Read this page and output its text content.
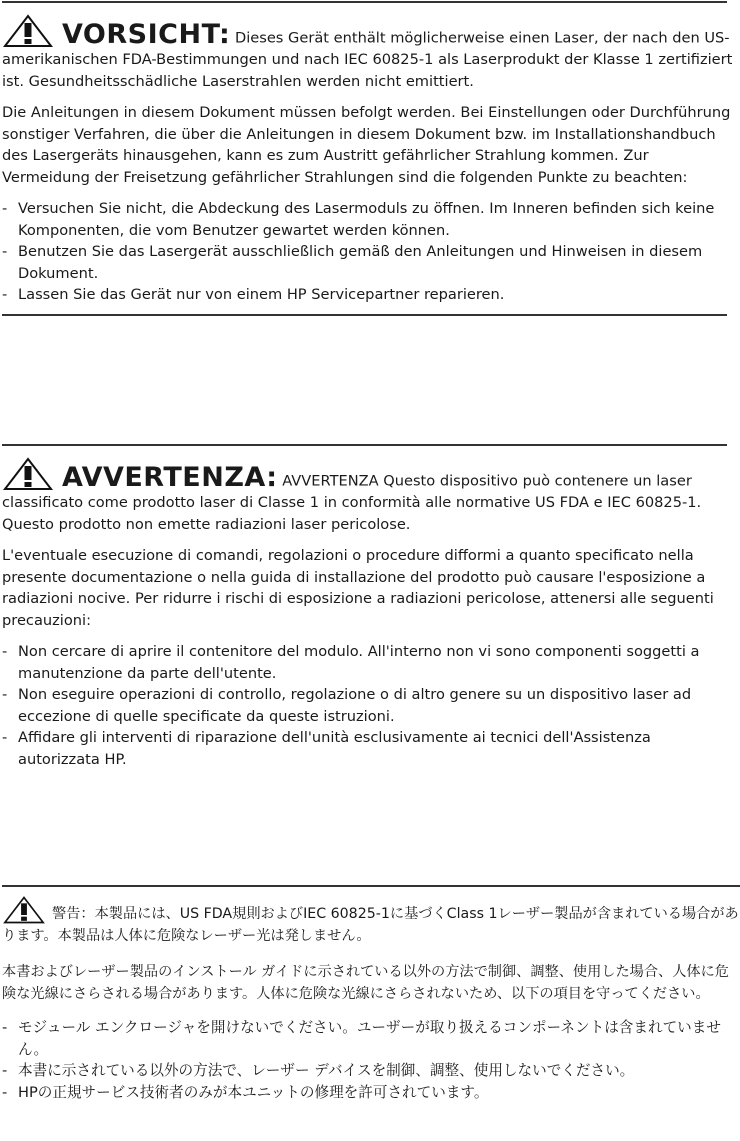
VORSICHT: Dieses Gerät enthält möglicherweise einen Laser, der nach den US-amerikanischen FDA-Bestimmungen und nach IEC 60825-1 als Laserprodukt der Klasse 1 zertifiziert ist. Gesundheitsschädliche Laserstrahlen werden nicht emittiert.

Die Anleitungen in diesem Dokument müssen befolgt werden. Bei Einstellungen oder Durchführung sonstiger Verfahren, die über die Anleitungen in diesem Dokument bzw. im Installationshandbuch des Lasergeräts hinausgehen, kann es zum Austritt gefährlicher Strahlung kommen. Zur Vermeidung der Freisetzung gefährlicher Strahlungen sind die folgenden Punkte zu beachten:

- Versuchen Sie nicht, die Abdeckung des Lasermoduls zu öffnen. Im Inneren befinden sich keine Komponenten, die vom Benutzer gewartet werden können.
- Benutzen Sie das Lasergerät ausschließlich gemäß den Anleitungen und Hinweisen in diesem Dokument.
- Lassen Sie das Gerät nur von einem HP Servicepartner reparieren.

AVVERTENZA: AVVERTENZA Questo dispositivo può contenere un laser classificato come prodotto laser di Classe 1 in conformità alle normative US FDA e IEC 60825-1. Questo prodotto non emette radiazioni laser pericolose.

L'eventuale esecuzione di comandi, regolazioni o procedure difformi a quanto specificato nella presente documentazione o nella guida di installazione del prodotto può causare l'esposizione a radiazioni nocive. Per ridurre i rischi di esposizione a radiazioni pericolose, attenersi alle seguenti precauzioni:

- Non cercare di aprire il contenitore del modulo. All'interno non vi sono componenti soggetti a manutenzione da parte dell'utente.
- Non eseguire operazioni di controllo, regolazione o di altro genere su un dispositivo laser ad eccezione di quelle specificate da queste istruzioni.
- Affidare gli interventi di riparazione dell'unità esclusivamente ai tecnici dell'Assistenza autorizzata HP.

警告：本製品には、US FDA規則およびIEC 60825-1に基づくClass 1レーザー製品が含まれている場合があります。本製品は人体に危険なレーザー光は発しません。

本書およびレーザー製品のインストール ガイドに示されている以外の方法で制御、調整、使用した場合、人体に危険な光線にさらされる場合があります。人体に危険な光線にさらされないため、以下の項目を守ってください。

- モジュール エンクロージャを開けないでください。ユーザーが取り扱えるコンポーネントは含まれていません。
- 本書に示されている以外の方法で、レーザー デバイスを制御、調整、使用しないでください。
- HPの正規サービス技術者のみが本ユニットの修理を許可されています。
